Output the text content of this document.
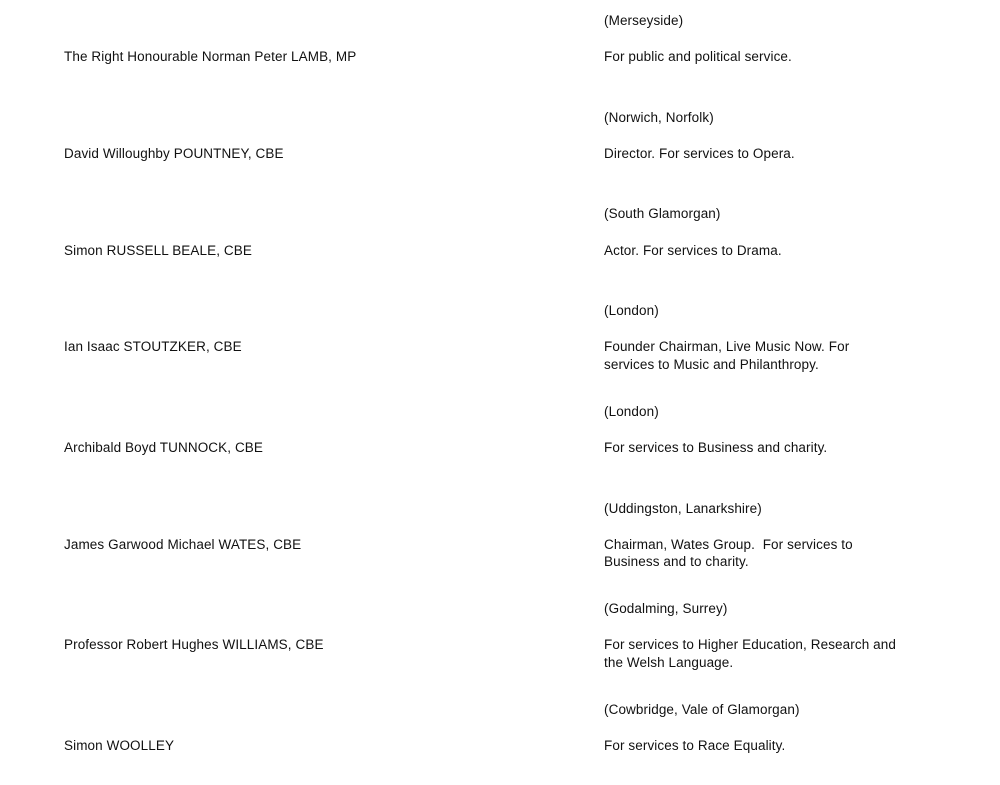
(Merseyside)
The Right Honourable Norman Peter LAMB, MP	For public and political service.
(Norwich, Norfolk)
David Willoughby POUNTNEY, CBE	Director. For services to Opera.
(South Glamorgan)
Simon RUSSELL BEALE, CBE	Actor. For services to Drama.
(London)
Ian Isaac STOUTZKER, CBE	Founder Chairman, Live Music Now. For
services to Music and Philanthropy.
(London)
Archibald Boyd TUNNOCK, CBE	For services to Business and charity.
(Uddingston, Lanarkshire)
James Garwood Michael WATES, CBE	Chairman, Wates Group.  For services to
Business and to charity.
(Godalming, Surrey)
Professor Robert Hughes WILLIAMS, CBE	For services to Higher Education, Research and
the Welsh Language.
(Cowbridge, Vale of Glamorgan)
Simon WOOLLEY	For services to Race Equality.
